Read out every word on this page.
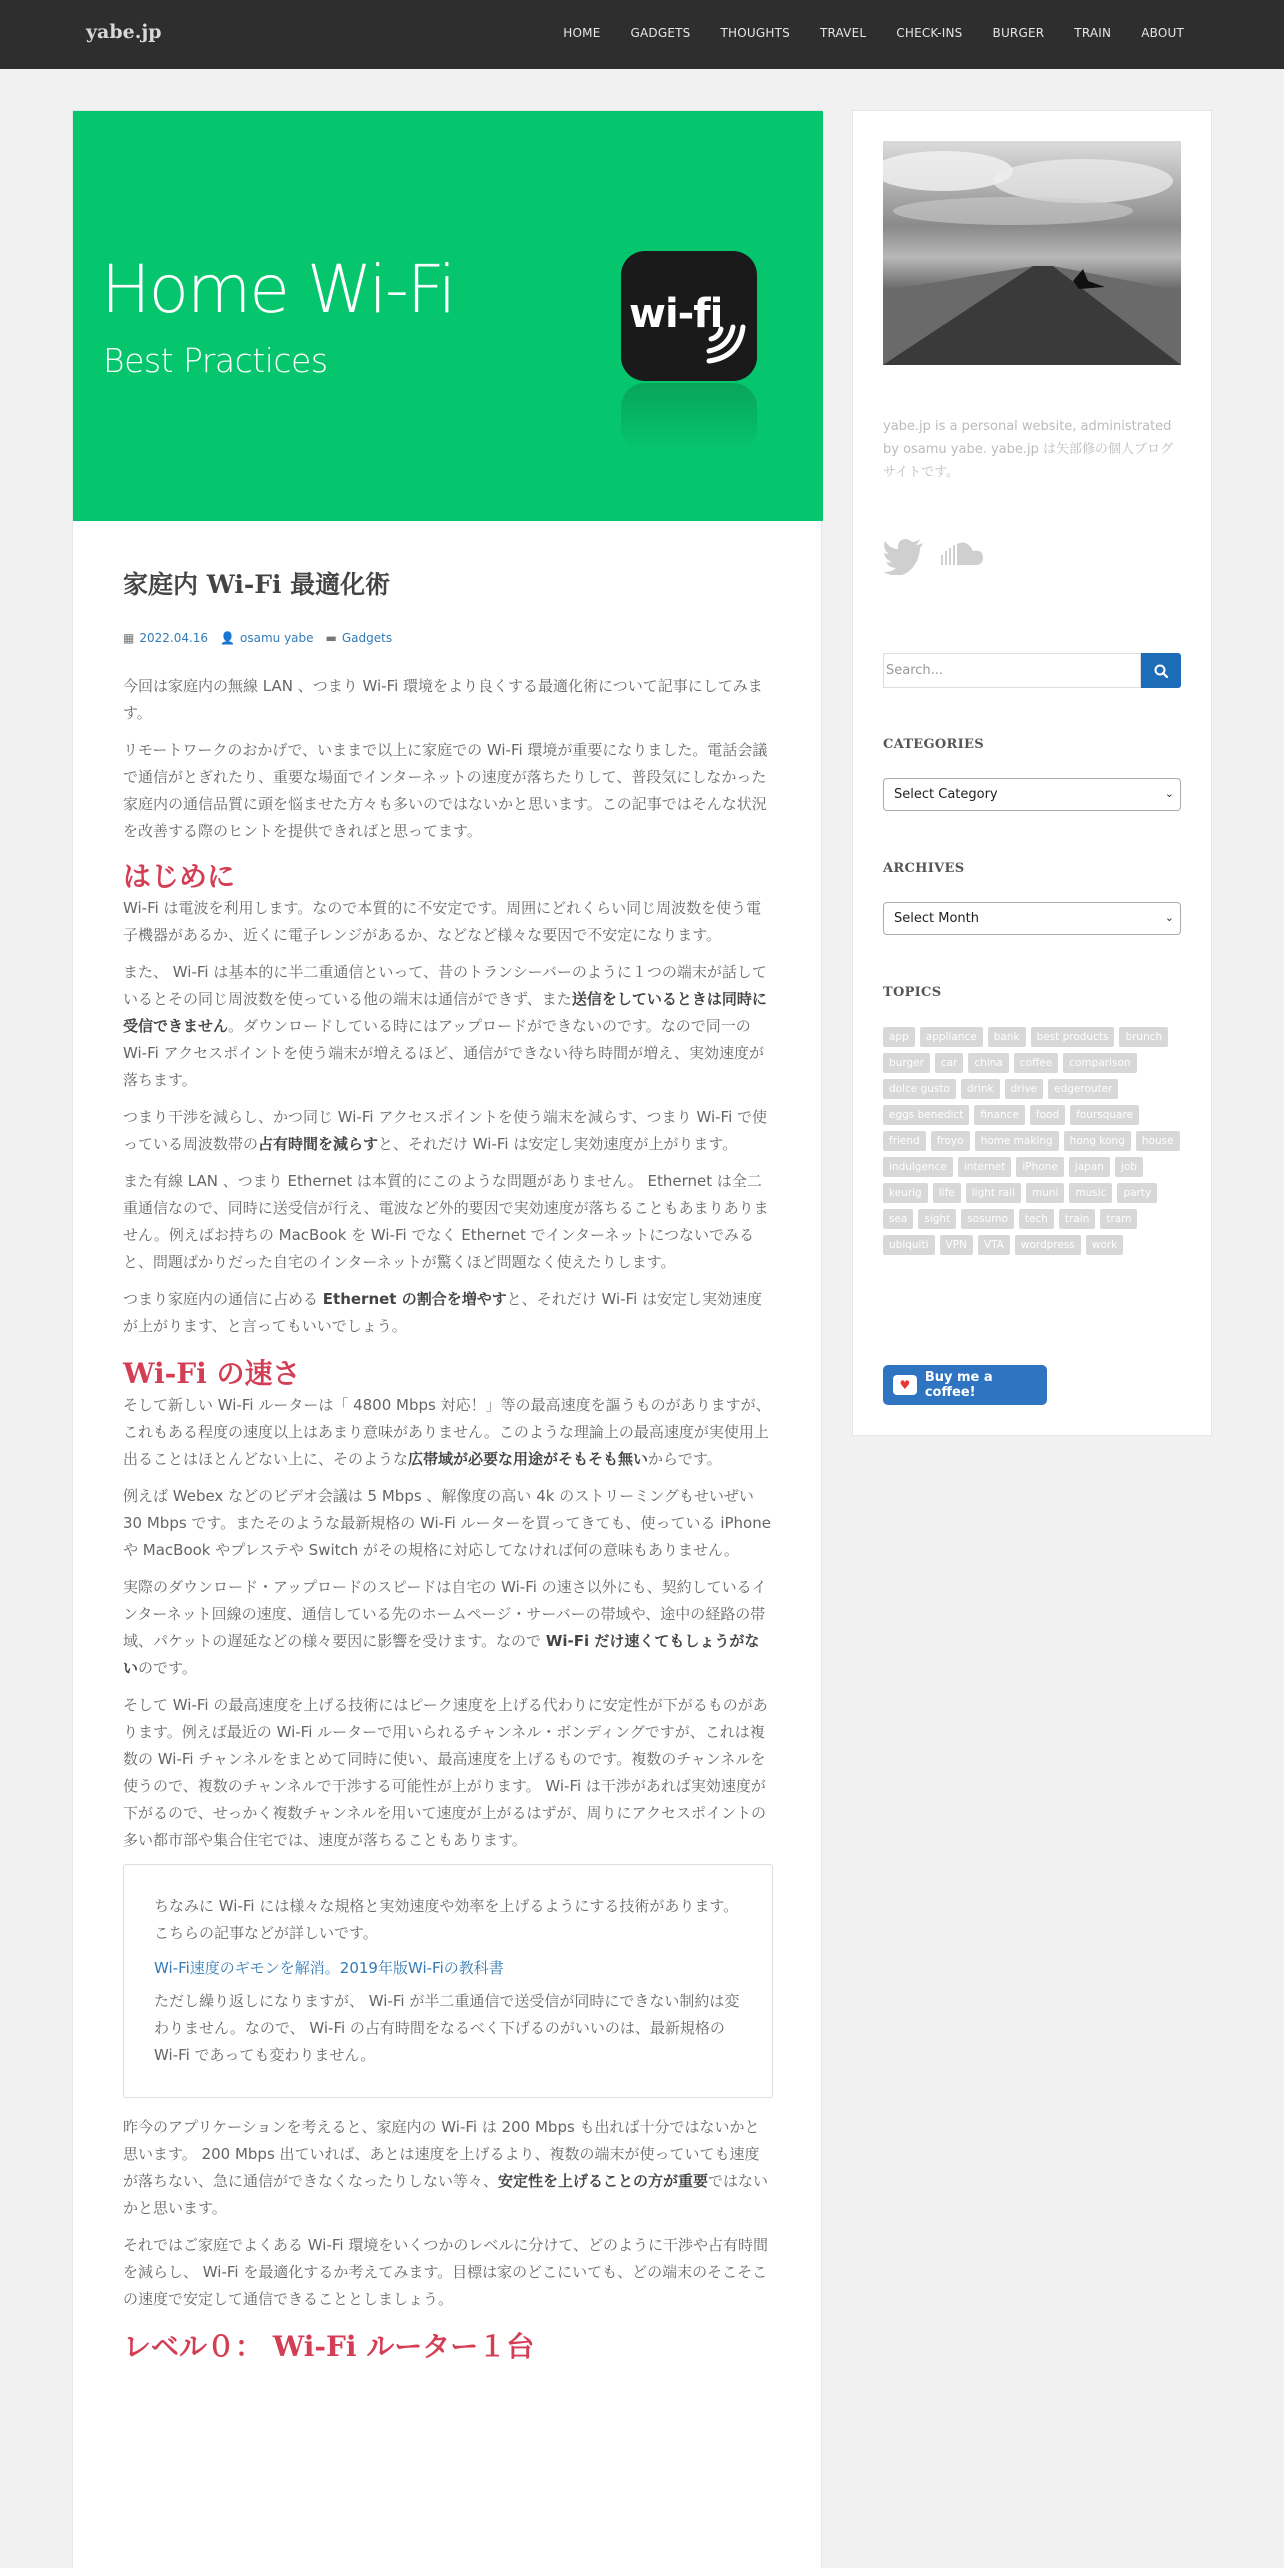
yabe.jp	HOME	GADGETS	THOUGHTS	TRAVEL	CHECK-INS	BURGER	TRAIN	ABOUT
Home Wi-Fi
Best Practices
wi-fi
家庭内 Wi-Fi 最適化術
▦ 2022.04.16 👤 osamu yabe ▬ Gadgets

今回は家庭内の無線 LAN 、つまり Wi-Fi 環境をより良くする最適化術について記事にしてみます。

リモートワークのおかげで、いままで以上に家庭での Wi-Fi 環境が重要になりました。電話会議で通信がとぎれたり、重要な場面でインターネットの速度が落ちたりして、普段気にしなかった家庭内の通信品質に頭を悩ませた方々も多いのではないかと思います。この記事ではそんな状況を改善する際のヒントを提供できればと思ってます。

はじめに

Wi-Fi は電波を利用します。なので本質的に不安定です。周囲にどれくらい同じ周波数を使う電子機器があるか、近くに電子レンジがあるか、などなど様々な要因で不安定になります。

また、 Wi-Fi は基本的に半二重通信といって、昔のトランシーバーのように１つの端末が話しているとその同じ周波数を使っている他の端末は通信ができず、また送信をしているときは同時に受信できません。ダウンロードしている時にはアップロードができないのです。なので同一の Wi-Fi アクセスポイントを使う端末が増えるほど、通信ができない待ち時間が増え、実効速度が落ちます。

つまり干渉を減らし、かつ同じ Wi-Fi アクセスポイントを使う端末を減らす、つまり Wi-Fi で使っている周波数帯の占有時間を減らすと、それだけ Wi-Fi は安定し実効速度が上がります。

また有線 LAN 、つまり Ethernet は本質的にこのような問題がありません。 Ethernet は全二重通信なので、同時に送受信が行え、電波など外的要因で実効速度が落ちることもあまりありません。例えばお持ちの MacBook を Wi-Fi でなく Ethernet でインターネットにつないでみると、問題ばかりだった自宅のインターネットが驚くほど問題なく使えたりします。

つまり家庭内の通信に占める Ethernet の割合を増やすと、それだけ Wi-Fi は安定し実効速度が上がります、と言ってもいいでしょう。

Wi-Fi の速さ

そして新しい Wi-Fi ルーターは「 4800 Mbps 対応！」等の最高速度を謳うものがありますが、これもある程度の速度以上はあまり意味がありません。このような理論上の最高速度が実使用上出ることはほとんどない上に、そのような広帯域が必要な用途がそもそも無いからです。

例えば Webex などのビデオ会議は 5 Mbps 、解像度の高い 4k のストリーミングもせいぜい 30 Mbps です。またそのような最新規格の Wi-Fi ルーターを買ってきても、使っている iPhone や MacBook やプレステや Switch がその規格に対応してなければ何の意味もありません。

実際のダウンロード・アップロードのスピードは自宅の Wi-Fi の速さ以外にも、契約しているインターネット回線の速度、通信している先のホームページ・サーバーの帯域や、途中の経路の帯域、パケットの遅延などの様々要因に影響を受けます。なので Wi-Fi だけ速くてもしょうがないのです。

そして Wi-Fi の最高速度を上げる技術にはピーク速度を上げる代わりに安定性が下がるものがあります。例えば最近の Wi-Fi ルーターで用いられるチャンネル・ボンディングですが、これは複数の Wi-Fi チャンネルをまとめて同時に使い、最高速度を上げるものです。複数のチャンネルを使うので、複数のチャンネルで干渉する可能性が上がります。 Wi-Fi は干渉があれば実効速度が下がるので、せっかく複数チャンネルを用いて速度が上がるはずが、周りにアクセスポイントの多い都市部や集合住宅では、速度が落ちることもあります。

ちなみに Wi-Fi には様々な規格と実効速度や効率を上げるようにする技術があります。こちらの記事などが詳しいです。

Wi-Fi速度のギモンを解消。2019年版Wi-Fiの教科書

ただし繰り返しになりますが、 Wi-Fi が半二重通信で送受信が同時にできない制約は変わりません。なので、 Wi-Fi の占有時間をなるべく下げるのがいいのは、最新規格の Wi-Fi であっても変わりません。

昨今のアプリケーションを考えると、家庭内の Wi-Fi は 200 Mbps も出れば十分ではないかと思います。 200 Mbps 出ていれば、あとは速度を上げるより、複数の端末が使っていても速度が落ちない、急に通信ができなくなったりしない等々、安定性を上げることの方が重要ではないかと思います。

それではご家庭でよくある Wi-Fi 環境をいくつかのレベルに分けて、どのように干渉や占有時間を減らし、 Wi-Fi を最適化するか考えてみます。目標は家のどこにいても、どの端末のそこそこの速度で安定して通信できることとしましょう。

レベル０： Wi-Fi ルーター１台
yabe.jp is a personal website, administrated by osamu yabe. yabe.jp は矢部修の個人ブログサイトです。
Search...
CATEGORIES
Select Category	⌄
ARCHIVES
Select Month	⌄
TOPICS
app	appliance	bank	best products	brunch
burger	car	china	coffee	comparison
dolce gusto	drink	drive	edgerouter
eggs benedict	finance	food	foursquare
friend	froyo	home making	hong kong	house
indulgence	internet	iPhone	japan	job
keurig	life	light rail	muni	music	party
sea	sight	sosumo	tech	train	tram
ubiquiti	VPN	VTA	wordpress	work
♥	Buy me a coffee!
